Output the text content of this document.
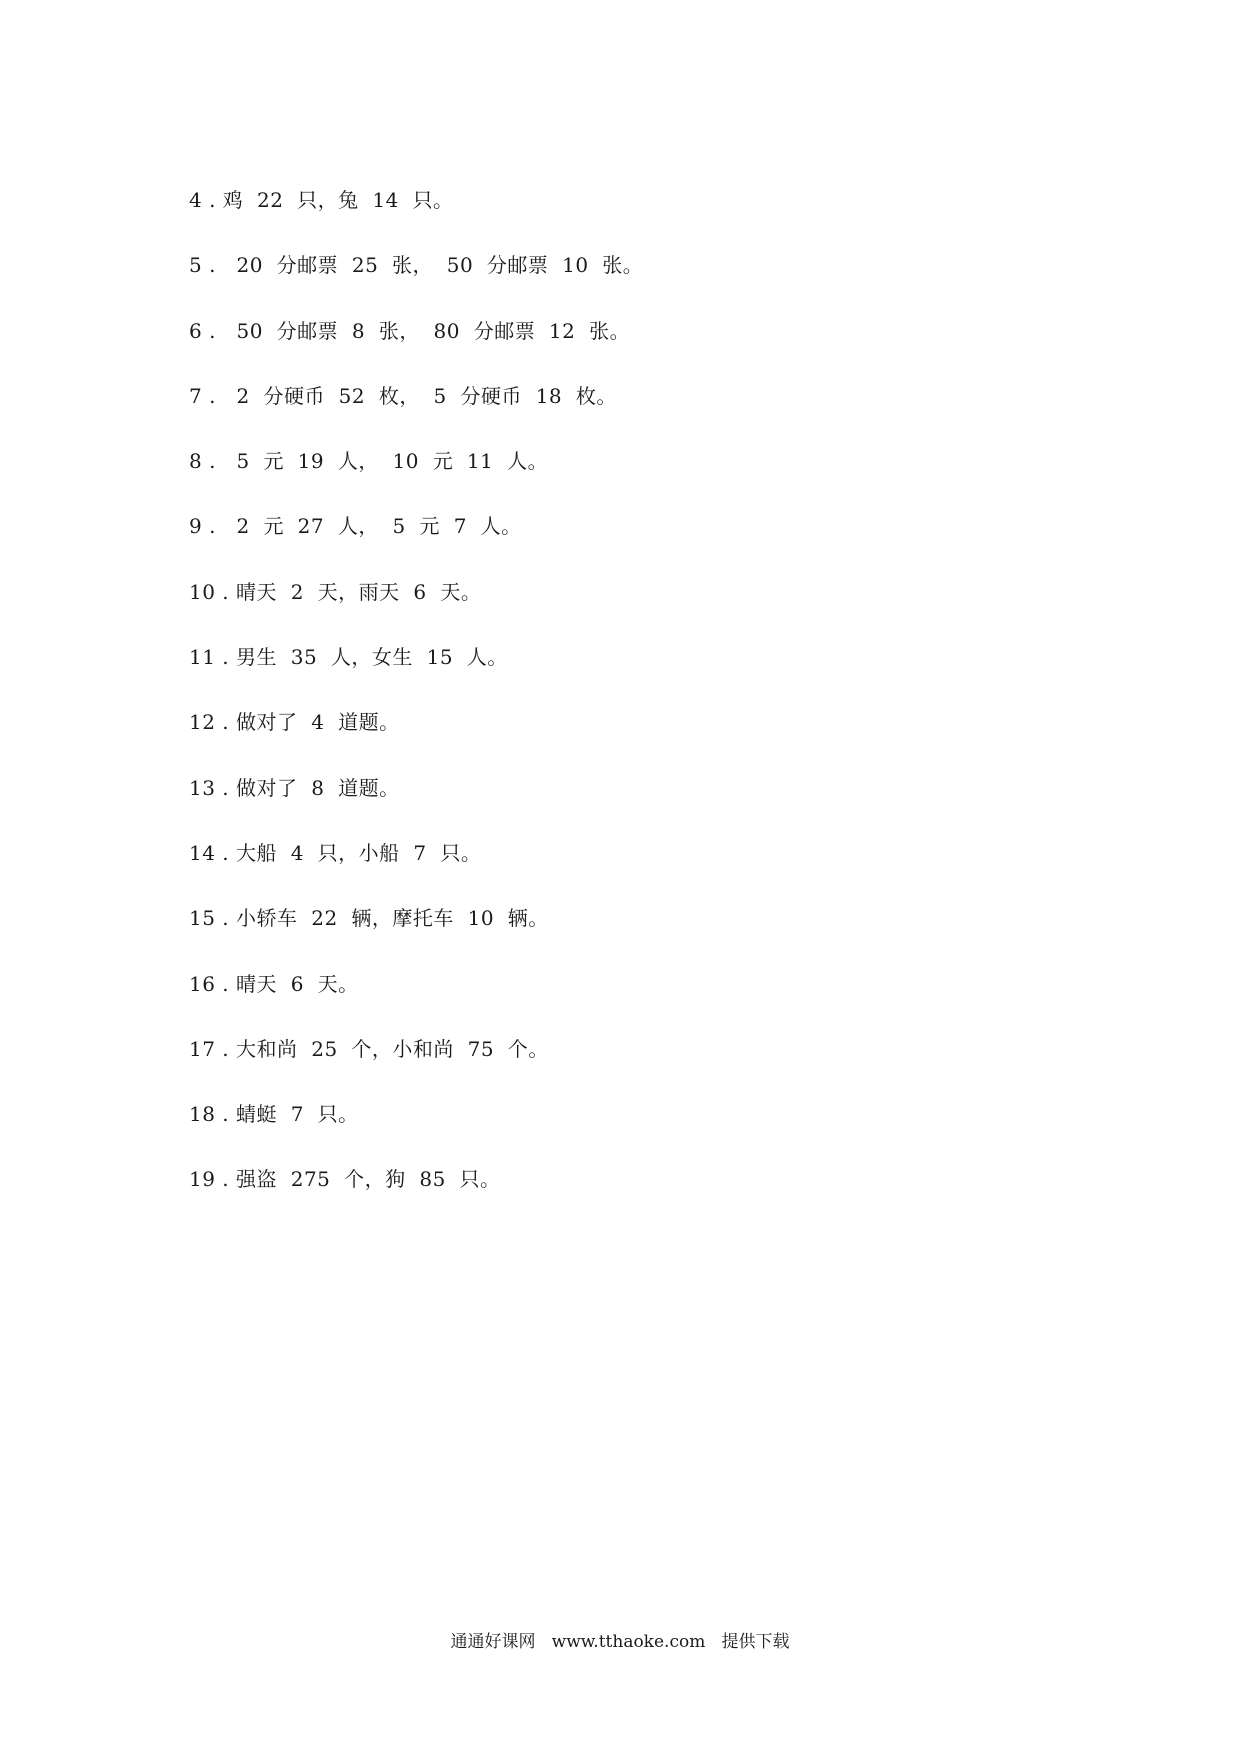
4 . 鸡  22  只，兔  14  只。
5 .   20  分邮票  25  张，  50  分邮票  10  张。
6 .   50  分邮票  8  张，  80  分邮票  12  张。
7 .   2  分硬币  52  枚，  5  分硬币  18  枚。
8 .   5  元  19  人，  10  元  11  人。
9 .   2  元  27  人，  5  元  7  人。
10 . 晴天  2  天，雨天  6  天。
11 . 男生  35  人，女生  15  人。
12 . 做对了  4  道题。
13 . 做对了  8  道题。
14 . 大船  4  只，小船  7  只。
15 . 小轿车  22  辆，摩托车  10  辆。
16 . 晴天  6  天。
17 . 大和尚  25  个，小和尚  75  个。
18 . 蜻蜓  7  只。
19 . 强盗  275  个，狗  85  只。
通通好课网   www.tthaoke.com   提供下载
